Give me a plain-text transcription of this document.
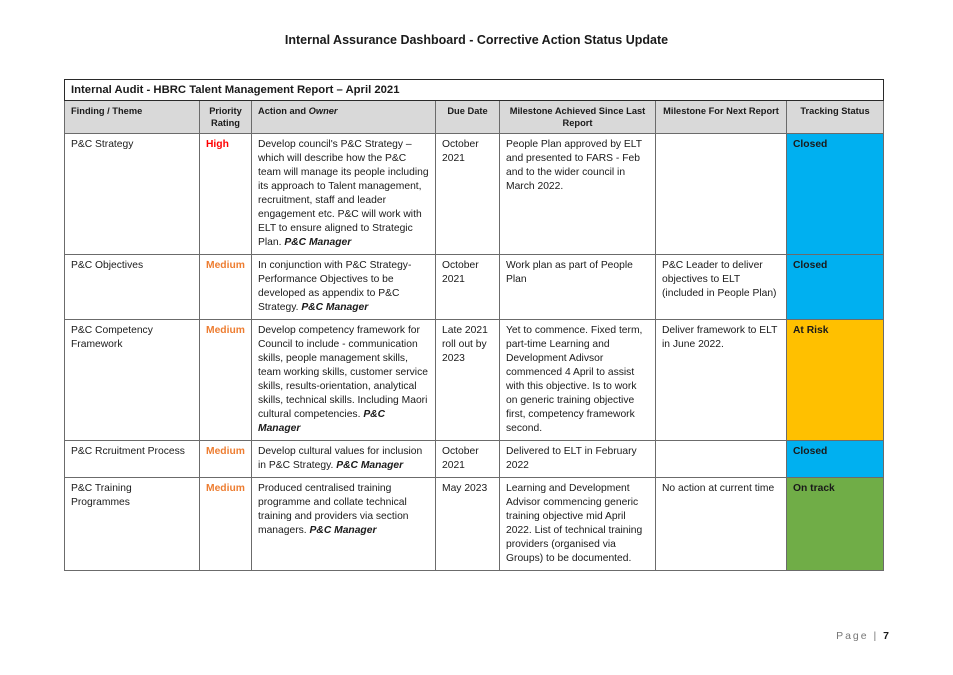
Internal Assurance Dashboard - Corrective Action Status Update
Internal Audit - HBRC Talent Management Report – April 2021						
Finding / Theme	Priority Rating	Action and Owner	Due Date	Milestone Achieved Since Last Report	Milestone For Next Report	Tracking Status
P&C Strategy	High	Develop council's P&C Strategy – which will describe how the P&C team will manage its people including its approach to Talent management, recruitment, staff and leader engagement etc. P&C will work with ELT to ensure aligned to Strategic Plan. P&C Manager	October 2021	People Plan approved by ELT and presented to FARS - Feb and to the wider council in March 2022.		Closed
P&C Objectives	Medium	In conjunction with P&C Strategy- Performance Objectives to be developed as appendix to P&C Strategy. P&C Manager	October 2021	Work plan as part of People Plan	P&C Leader to deliver objectives to ELT (included in People Plan)	Closed
P&C Competency Framework	Medium	Develop competency framework for Council to include - communication skills, people management skills, team working skills, customer service skills, results-orientation, analytical skills, technical skills. Including Maori cultural competencies. P&C Manager	Late 2021 roll out by 2023	Yet to commence. Fixed term, part-time Learning and Development Adivsor commenced 4 April to assist with this objective. Is to work on generic training objective first, competency framework second.	Deliver framework to ELT in June 2022.	At Risk
P&C Rcruitment Process	Medium	Develop cultural values for inclusion in P&C Strategy. P&C Manager	October 2021	Delivered to ELT in February 2022		Closed
P&C Training Programmes	Medium	Produced centralised training programme and collate technical training and providers via section managers. P&C Manager	May 2023	Learning and Development Advisor commencing generic training objective mid April 2022. List of technical training providers (organised via Groups) to be documented.	No action at current time	On track
Page | 7
